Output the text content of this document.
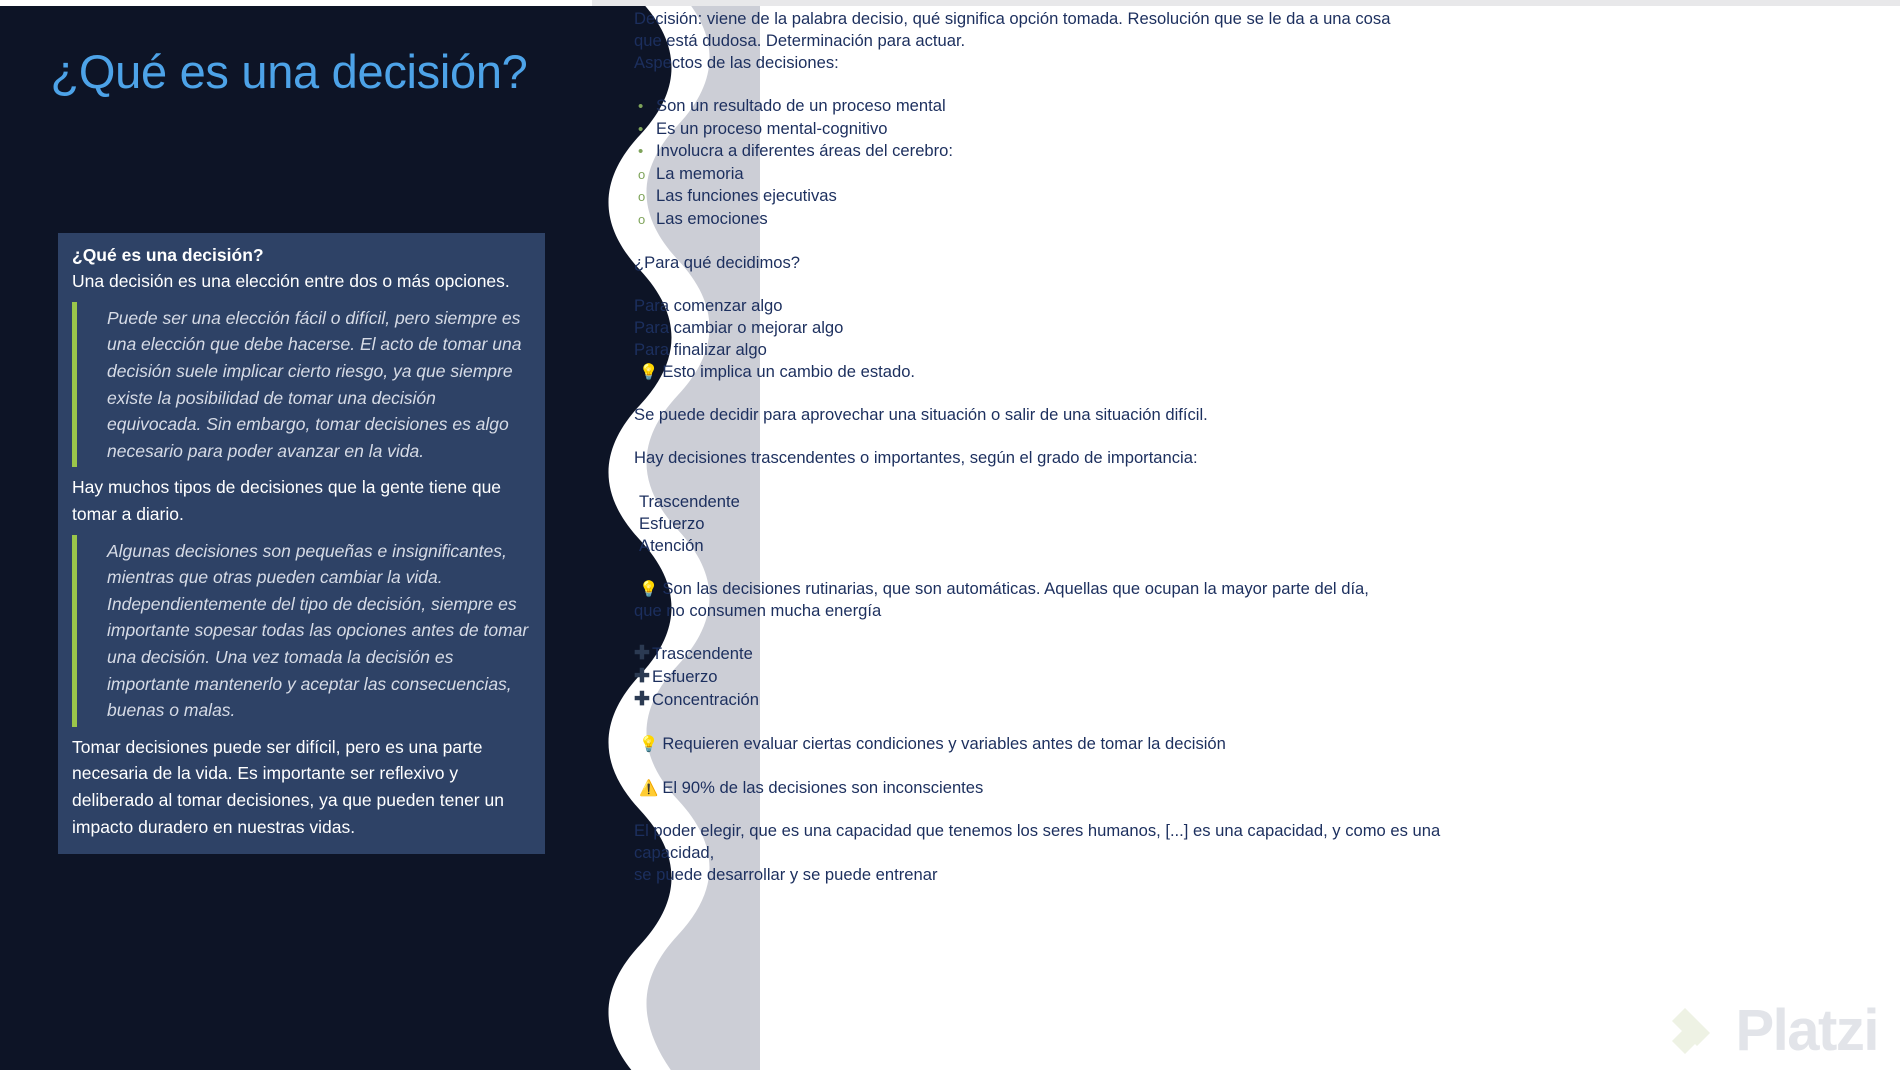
¿Qué es una decisión?
¿Qué es una decisión?
Una decisión es una elección entre dos o más opciones.
Puede ser una elección fácil o difícil, pero siempre es una elección que debe hacerse. El acto de tomar una decisión suele implicar cierto riesgo, ya que siempre existe la posibilidad de tomar una decisión equivocada. Sin embargo, tomar decisiones es algo necesario para poder avanzar en la vida.
Hay muchos tipos de decisiones que la gente tiene que tomar a diario.
Algunas decisiones son pequeñas e insignificantes, mientras que otras pueden cambiar la vida. Independientemente del tipo de decisión, siempre es importante sopesar todas las opciones antes de tomar una decisión. Una vez tomada la decisión es importante mantenerlo y aceptar las consecuencias, buenas o malas.
Tomar decisiones puede ser difícil, pero es una parte necesaria de la vida. Es importante ser reflexivo y deliberado al tomar decisiones, ya que pueden tener un impacto duradero en nuestras vidas.

Decisión: viene de la palabra decisio, qué significa opción tomada. Resolución que se le da a una cosa

que está dudosa. Determinación para actuar.

Aspectos de las decisiones:

• Son un resultado de un proceso mental
• Es un proceso mental-cognitivo
• Involucra a diferentes áreas del cerebro:
o La memoria
o Las funciones ejecutivas
o Las emociones

¿Para qué decidimos?

Para comenzar algo

Para cambiar o mejorar algo

Para finalizar algo

💡 Esto implica un cambio de estado.

Se puede decidir para aprovechar una situación o salir de una situación difícil.

Hay decisiones trascendentes o importantes, según el grado de importancia:

Trascendente

Esfuerzo

Atención

💡 Son las decisiones rutinarias, que son automáticas. Aquellas que ocupan la mayor parte del día,

que no consumen mucha energía

✚ Trascendente
✚ Esfuerzo
✚ Concentración
💡 Requieren evaluar ciertas condiciones y variables antes de tomar la decisión
⚠️ El 90% de las decisiones son inconscientes

El poder elegir, que es una capacidad que tenemos los seres humanos, [...] es una capacidad, y como es una

capacidad,

se puede desarrollar y se puede entrenar

Platzi
